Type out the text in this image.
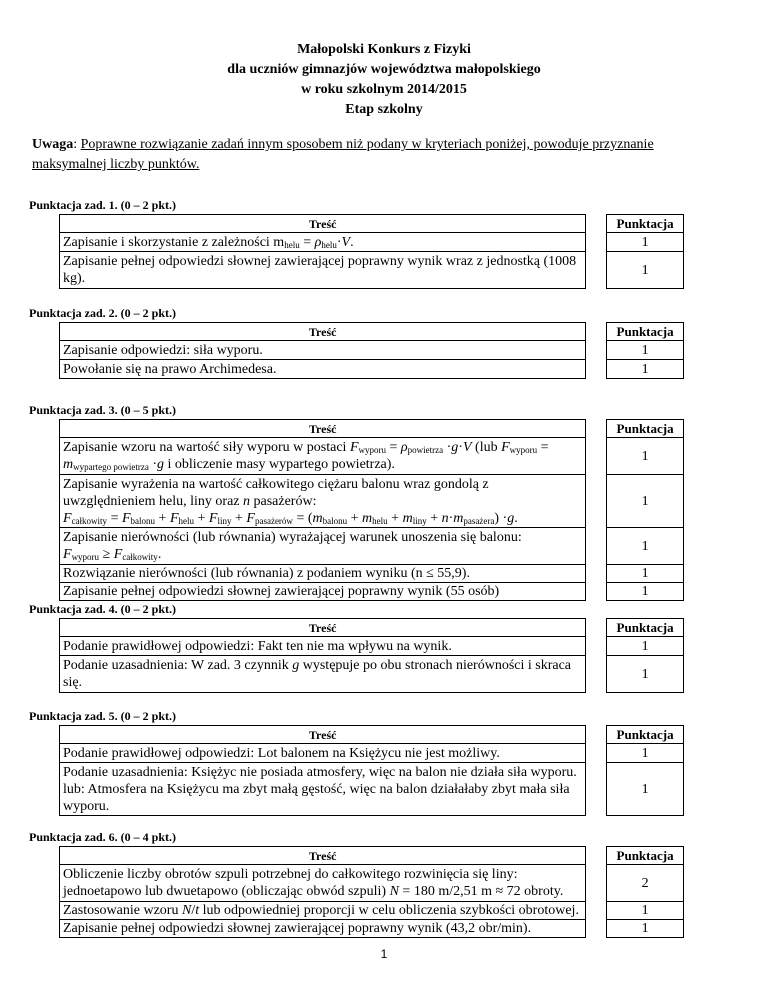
Małopolski Konkurs z Fizyki
dla uczniów gimnazjów województwa małopolskiego
w roku szkolnym 2014/2015
Etap szkolny
Uwaga: Poprawne rozwiązanie zadań innym sposobem niż podany w kryteriach poniżej, powoduje przyznanie maksymalnej liczby punktów.
Punktacja zad. 1. (0 – 2 pkt.)
Treść		Punktacja
Zapisanie i skorzystanie z zależności $m_{helu} = \rho_{helu}\cdot V$.		1
Zapisanie pełnej odpowiedzi słownej zawierającej poprawny wynik wraz z jednostką (1008 kg).		1
Punktacja zad. 2. (0 – 2 pkt.)
Treść		Punktacja
Zapisanie odpowiedzi: siła wyporu.		1
Powołanie się na prawo Archimedesa.		1
Punktacja zad. 3. (0 – 5 pkt.)
Treść		Punktacja
Zapisanie wzoru na wartość siły wyporu w postaci $F_{wyporu} = \rho_{powietrza} \cdot g\cdot V$ (lub $F_{wyporu} = m_{wypartego powietrza} \cdot g$ i obliczenie masy wypartego powietrza).		1
Zapisanie wyrażenia na wartość całkowitego ciężaru balonu wraz gondolą z uwzględnieniem helu, liny oraz n pasażerów:
$F_{całkowity} = F_{balonu} + F_{helu} + F_{liny} + F_{pasażerów} = (m_{balonu} + m_{helu} + m_{liny} + n\cdot m_{pasażera}) \cdot g$.		1
Zapisanie nierówności (lub równania) wyrażającej warunek unoszenia się balonu:
$F_{wyporu} \ge F_{całkowity}$.		1
Rozwiązanie nierówności (lub równania) z podaniem wyniku (n ≤ 55,9).		1
Zapisanie pełnej odpowiedzi słownej zawierającej poprawny wynik (55 osób)		1
Punktacja zad. 4. (0 – 2 pkt.)
Treść		Punktacja
Podanie prawidłowej odpowiedzi: Fakt ten nie ma wpływu na wynik.		1
Podanie uzasadnienia: W zad. 3 czynnik g występuje po obu stronach nierówności i skraca się.		1
Punktacja zad. 5. (0 – 2 pkt.)
Treść		Punktacja
Podanie prawidłowej odpowiedzi: Lot balonem na Księżycu nie jest możliwy.		1
Podanie uzasadnienia: Księżyc nie posiada atmosfery, więc na balon nie działa siła wyporu.
lub: Atmosfera na Księżycu ma zbyt małą gęstość, więc na balon działałaby zbyt mała siła wyporu.		1
Punktacja zad. 6. (0 – 4 pkt.)
Treść		Punktacja
Obliczenie liczby obrotów szpuli potrzebnej do całkowitego rozwinięcia się liny: jednoetapowo lub dwuetapowo (obliczając obwód szpuli) N = 180 m/2,51 m ≈ 72 obroty.		2
Zastosowanie wzoru N/t lub odpowiedniej proporcji w celu obliczenia szybkości obrotowej.		1
Zapisanie pełnej odpowiedzi słownej zawierającej poprawny wynik (43,2 obr/min).		1
1
